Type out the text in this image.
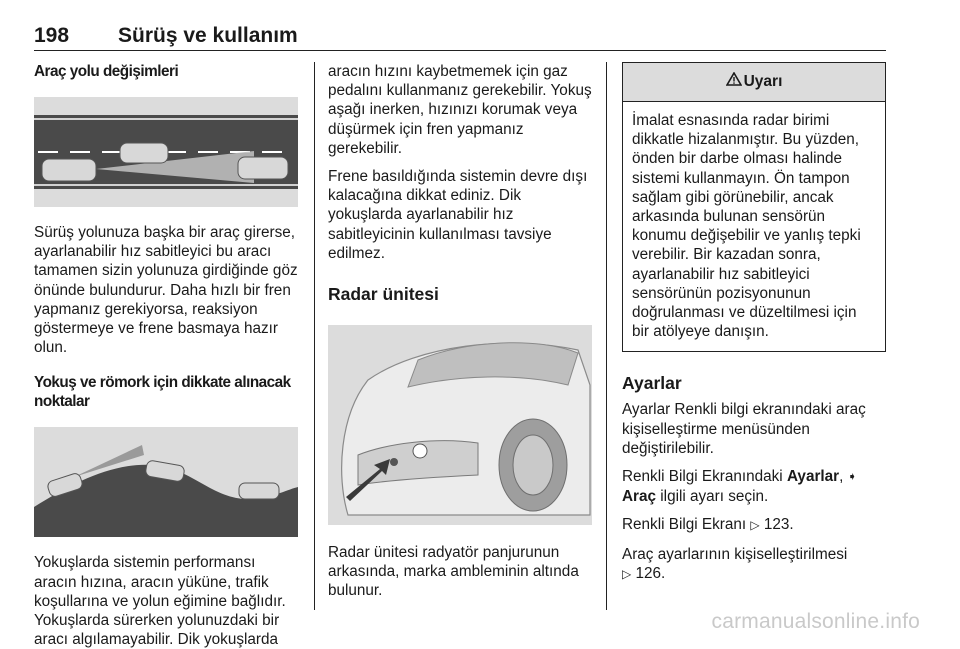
198 Sürüş ve kullanım
Araç yolu değişimleri

Sürüş yolunuza başka bir araç girerse, ayarlanabilir hız sabitleyici bu aracı tamamen sizin yolunuza girdiğinde göz önünde bulundurur. Daha hızlı bir fren yapmanız gerekiyorsa, reaksiyon göstermeye ve frene basmaya hazır olun.

Yokuş ve römork için dikkate alınacak noktalar

Yokuşlarda sistemin performansı aracın hızına, aracın yüküne, trafik koşullarına ve yolun eğimine bağlıdır. Yokuşlarda sürerken yolunuzdaki bir aracı algılamayabilir. Dik yokuşlarda

aracın hızını kaybetmemek için gaz pedalını kullanmanız gerekebilir. Yokuş aşağı inerken, hızınızı korumak veya düşürmek için fren yapmanız gerekebilir.

Frene basıldığında sistemin devre dışı kalacağına dikkat ediniz. Dik yokuşlarda ayarlanabilir hız sabitleyicinin kullanılması tavsiye edilmez.

Radar ünitesi

Radar ünitesi radyatör panjurunun arkasında, marka ambleminin altında bulunur.

Uyarı
İmalat esnasında radar birimi dikkatle hizalanmıştır. Bu yüzden, önden bir darbe olması halinde sistemi kullanmayın. Ön tampon sağlam gibi görünebilir, ancak arkasında bulunan sensörün konumu değişebilir ve yanlış tepki verebilir. Bir kazadan sonra, ayarlanabilir hız sabitleyici sensörünün pozisyonunun doğrulanması ve düzeltilmesi için bir atölyeye danışın.
Ayarlar

Ayarlar Renkli bilgi ekranındaki araç kişiselleştirme menüsünden değiştirilebilir.

Renkli Bilgi Ekranındaki Ayarlar, ➧
Araç ilgili ayarı seçin.

Renkli Bilgi Ekranı ▷ 123.

Araç ayarlarının kişiselleştirilmesi
▷ 126.

carmanualsonline.info
